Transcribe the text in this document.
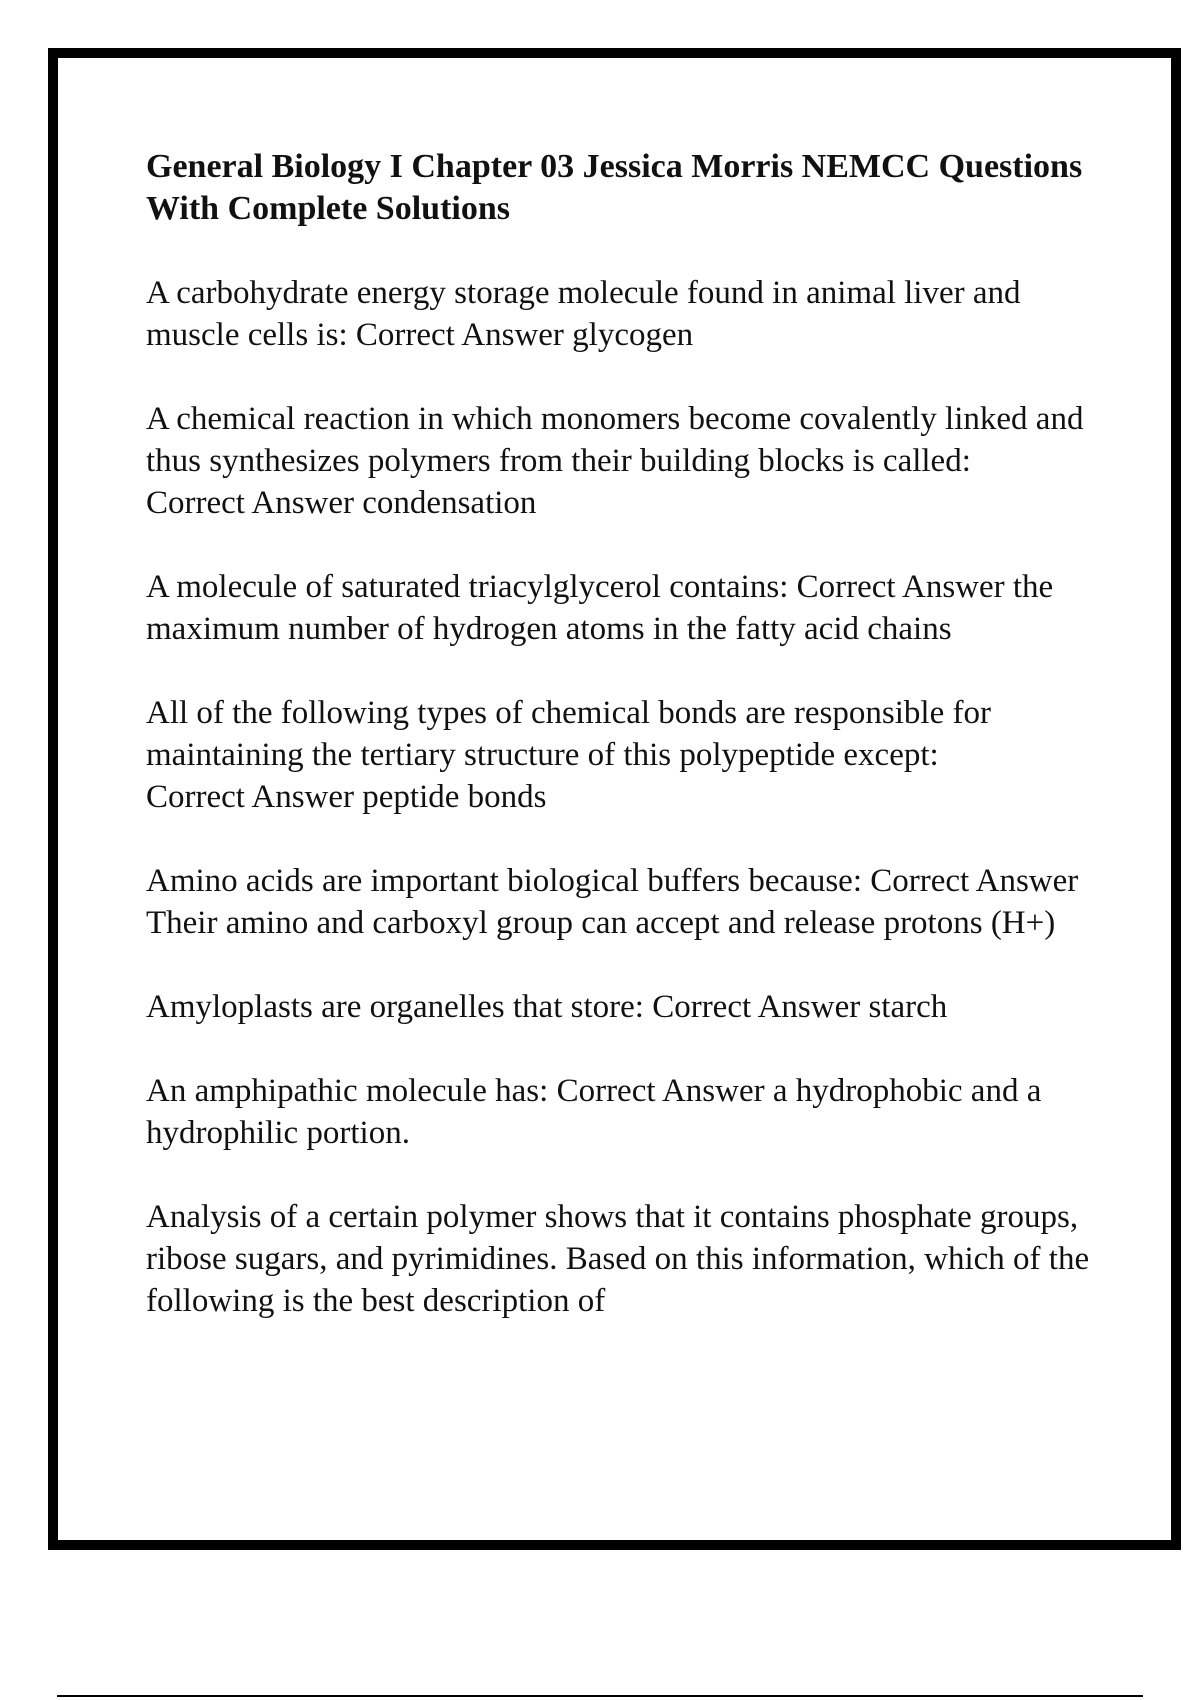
General Biology I Chapter 03 Jessica Morris NEMCC Questions With Complete Solutions
A carbohydrate energy storage molecule found in animal liver and muscle cells is: Correct Answer glycogen
A chemical reaction in which monomers become covalently linked and thus synthesizes polymers from their building blocks is called: Correct Answer condensation
A molecule of saturated triacylglycerol contains: Correct Answer the maximum number of hydrogen atoms in the fatty acid chains
All of the following types of chemical bonds are responsible for maintaining the tertiary structure of this polypeptide except: Correct Answer peptide bonds
Amino acids are important biological buffers because: Correct Answer Their amino and carboxyl group can accept and release protons (H+)
Amyloplasts are organelles that store: Correct Answer starch
An amphipathic molecule has: Correct Answer a hydrophobic and a hydrophilic portion.
Analysis of a certain polymer shows that it contains phosphate groups, ribose sugars, and pyrimidines. Based on this information, which of the following is the best description of
